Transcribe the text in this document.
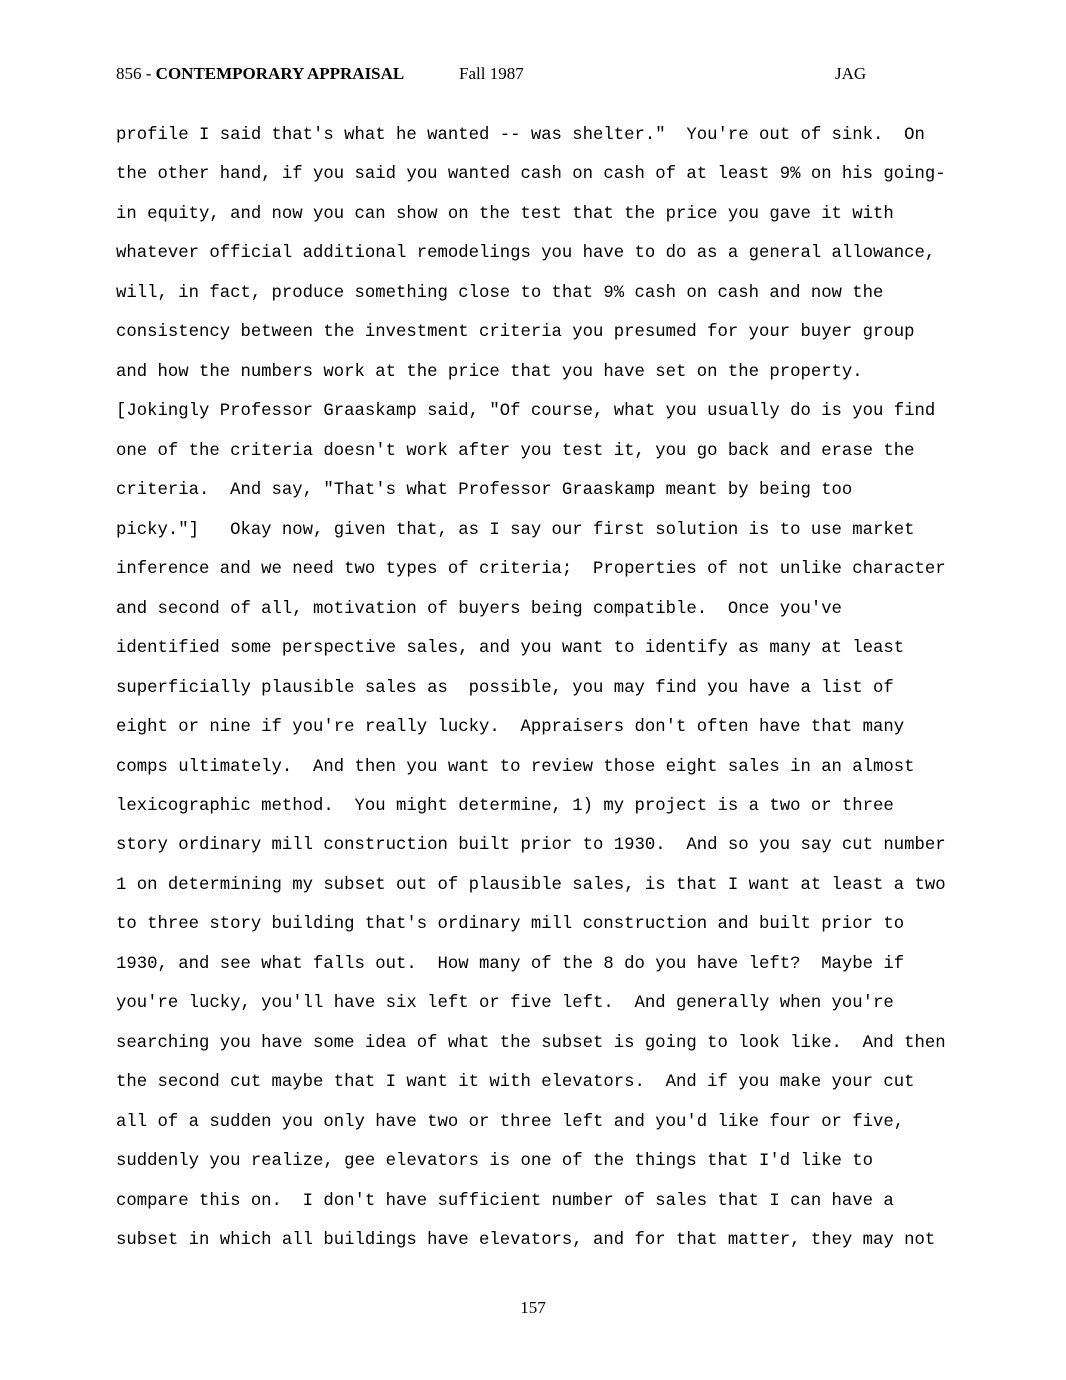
856 - CONTEMPORARY APPRAISAL	Fall 1987	JAG
profile I said that's what he wanted -- was shelter."  You're out of sink.  On
the other hand, if you said you wanted cash on cash of at least 9% on his going-
in equity, and now you can show on the test that the price you gave it with
whatever official additional remodelings you have to do as a general allowance,
will, in fact, produce something close to that 9% cash on cash and now the
consistency between the investment criteria you presumed for your buyer group
and how the numbers work at the price that you have set on the property.
[Jokingly Professor Graaskamp said, "Of course, what you usually do is you find
one of the criteria doesn't work after you test it, you go back and erase the
criteria.  And say, "That's what Professor Graaskamp meant by being too
picky."]   Okay now, given that, as I say our first solution is to use market
inference and we need two types of criteria;  Properties of not unlike character
and second of all, motivation of buyers being compatible.  Once you've
identified some perspective sales, and you want to identify as many at least
superficially plausible sales as  possible, you may find you have a list of
eight or nine if you're really lucky.  Appraisers don't often have that many
comps ultimately.  And then you want to review those eight sales in an almost
lexicographic method.  You might determine, 1) my project is a two or three
story ordinary mill construction built prior to 1930.  And so you say cut number
1 on determining my subset out of plausible sales, is that I want at least a two
to three story building that's ordinary mill construction and built prior to
1930, and see what falls out.  How many of the 8 do you have left?  Maybe if
you're lucky, you'll have six left or five left.  And generally when you're
searching you have some idea of what the subset is going to look like.  And then
the second cut maybe that I want it with elevators.  And if you make your cut
all of a sudden you only have two or three left and you'd like four or five,
suddenly you realize, gee elevators is one of the things that I'd like to
compare this on.  I don't have sufficient number of sales that I can have a
subset in which all buildings have elevators, and for that matter, they may not
157
